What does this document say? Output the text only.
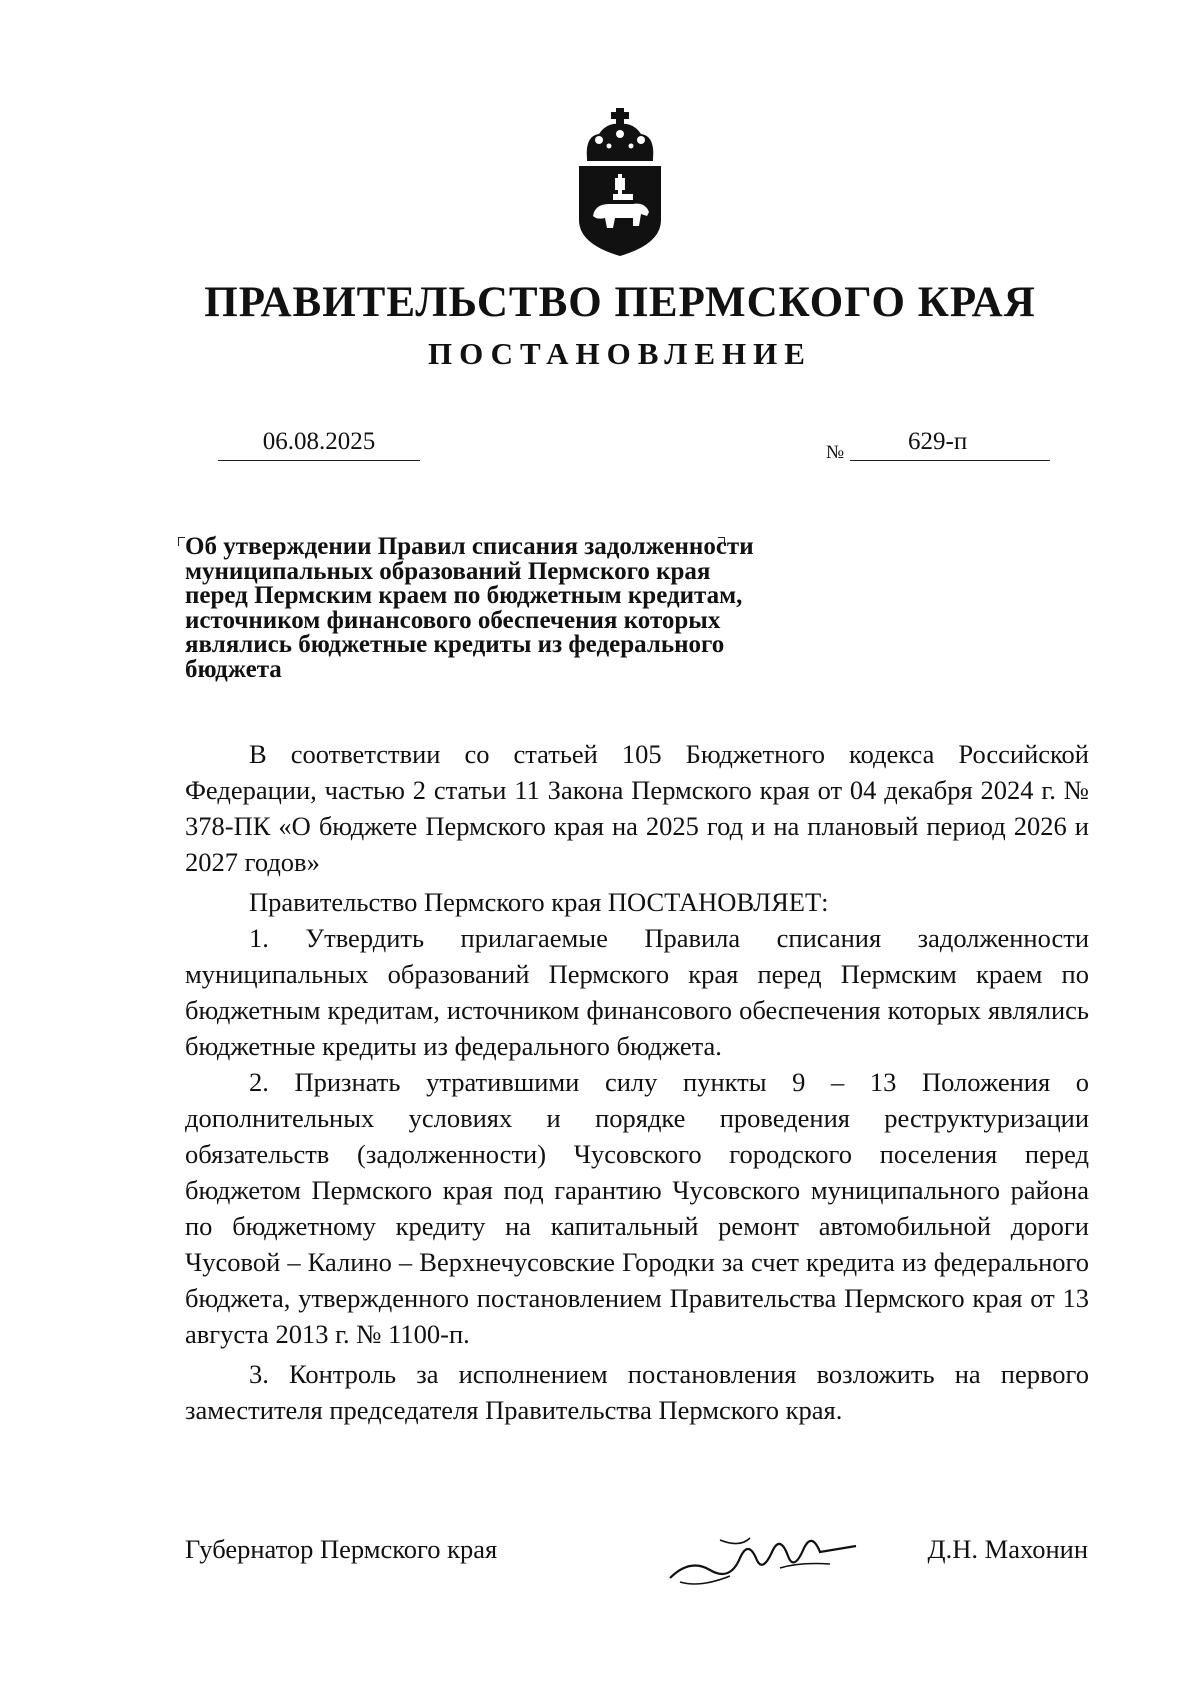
ПРАВИТЕЛЬСТВО ПЕРМСКОГО КРАЯ
ПОСТАНОВЛЕНИЕ
06.08.2025	№	629-п
Об утверждении Правил списания задолженности
муниципальных образований Пермского края
перед Пермским краем по бюджетным кредитам,
источником финансового обеспечения которых
являлись бюджетные кредиты из федерального
бюджета

В соответствии со статьей 105 Бюджетного кодекса Российской Федерации, частью 2 статьи 11 Закона Пермского края от 04 декабря 2024 г. № 378-ПК «О бюджете Пермского края на 2025 год и на плановый период 2026 и 2027 годов»

Правительство Пермского края ПОСТАНОВЛЯЕТ:

1. Утвердить прилагаемые Правила списания задолженности муниципальных образований Пермского края перед Пермским краем по бюджетным кредитам, источником финансового обеспечения которых являлись бюджетные кредиты из федерального бюджета.

2. Признать утратившими силу пункты 9 – 13 Положения о дополнительных условиях и порядке проведения реструктуризации обязательств (задолженности) Чусовского городского поселения перед бюджетом Пермского края под гарантию Чусовского муниципального района по бюджетному кредиту на капитальный ремонт автомобильной дороги Чусовой – Калино – Верхнечусовские Городки за счет кредита из федерального бюджета, утвержденного постановлением Правительства Пермского края от 13 августа 2013 г. № 1100-п.

3. Контроль за исполнением постановления возложить на первого заместителя председателя Правительства Пермского края.

Губернатор Пермского края	Д.Н. Махонин
